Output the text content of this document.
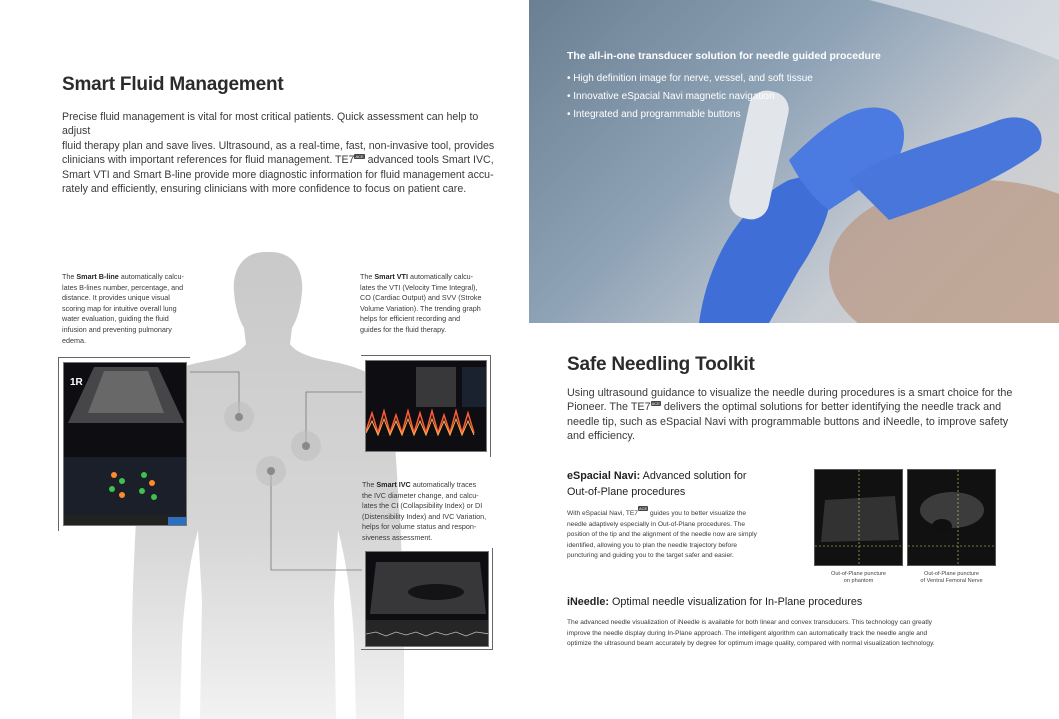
Smart Fluid Management
Precise fluid management is vital for most critical patients. Quick assessment can help to adjust
fluid therapy plan and save lives. Ultrasound, as a real-time, fast, non-invasive tool, provides
clinicians with important references for fluid management. TE7ACE advanced tools Smart IVC,
Smart VTI and Smart B-line provide more diagnostic information for fluid management accu-
rately and efficiently, ensuring clinicians with more confidence to focus on patient care.
The Smart B-line automatically calcu-
lates B-lines number, percentage, and
distance. It provides unique visual
scoring map for intuitive overall lung
water evaluation, guiding the fluid
infusion and preventing pulmonary
edema.
The Smart VTI automatically calcu-
lates the VTI (Velocity Time Integral),
CO (Cardiac Output) and SVV (Stroke
Volume Variation). The trending graph
helps for efficient recording and
guides for the fluid therapy.
The Smart IVC automatically traces
the IVC diameter change, and calcu-
lates the CI (Collapsibility Index) or DI
(Distensibility Index) and IVC Variation,
helps for volume status and respon-
siveness assessment.
1R
The all-in-one transducer solution for needle guided procedure
• High definition image for nerve, vessel, and soft tissue
• Innovative eSpacial Navi magnetic navigation
• Integrated and programmable buttons
Safe Needling Toolkit
Using ultrasound guidance to visualize the needle during procedures is a smart choice for the
Pioneer. The TE7ACE delivers the optimal solutions for better identifying the needle track and
needle tip, such as eSpacial Navi with programmable buttons and iNeedle, to improve safety
and efficiency.
eSpacial Navi: Advanced solution for
Out-of-Plane procedures
With eSpacial Navi, TE7ACE guides you to better visualize the
needle adaptively especially in Out-of-Plane procedures. The
position of the tip and the alignment of the needle now are simply
identified, allowing you to plan the needle trajectory before
puncturing and guiding you to the target safer and easier.
Out-of-Plane puncture
on phantom
Out-of-Plane puncture
of Ventral Femoral Nerve
iNeedle: Optimal needle visualization for In-Plane procedures
The advanced needle visualization of iNeedle is available for both linear and convex transducers. This technology can greatly
improve the needle display during In-Plane approach. The intelligent algorithm can automatically track the needle angle and
optimize the ultrasound beam accurately by degree for optimum image quality, compared with normal visualization technology.
